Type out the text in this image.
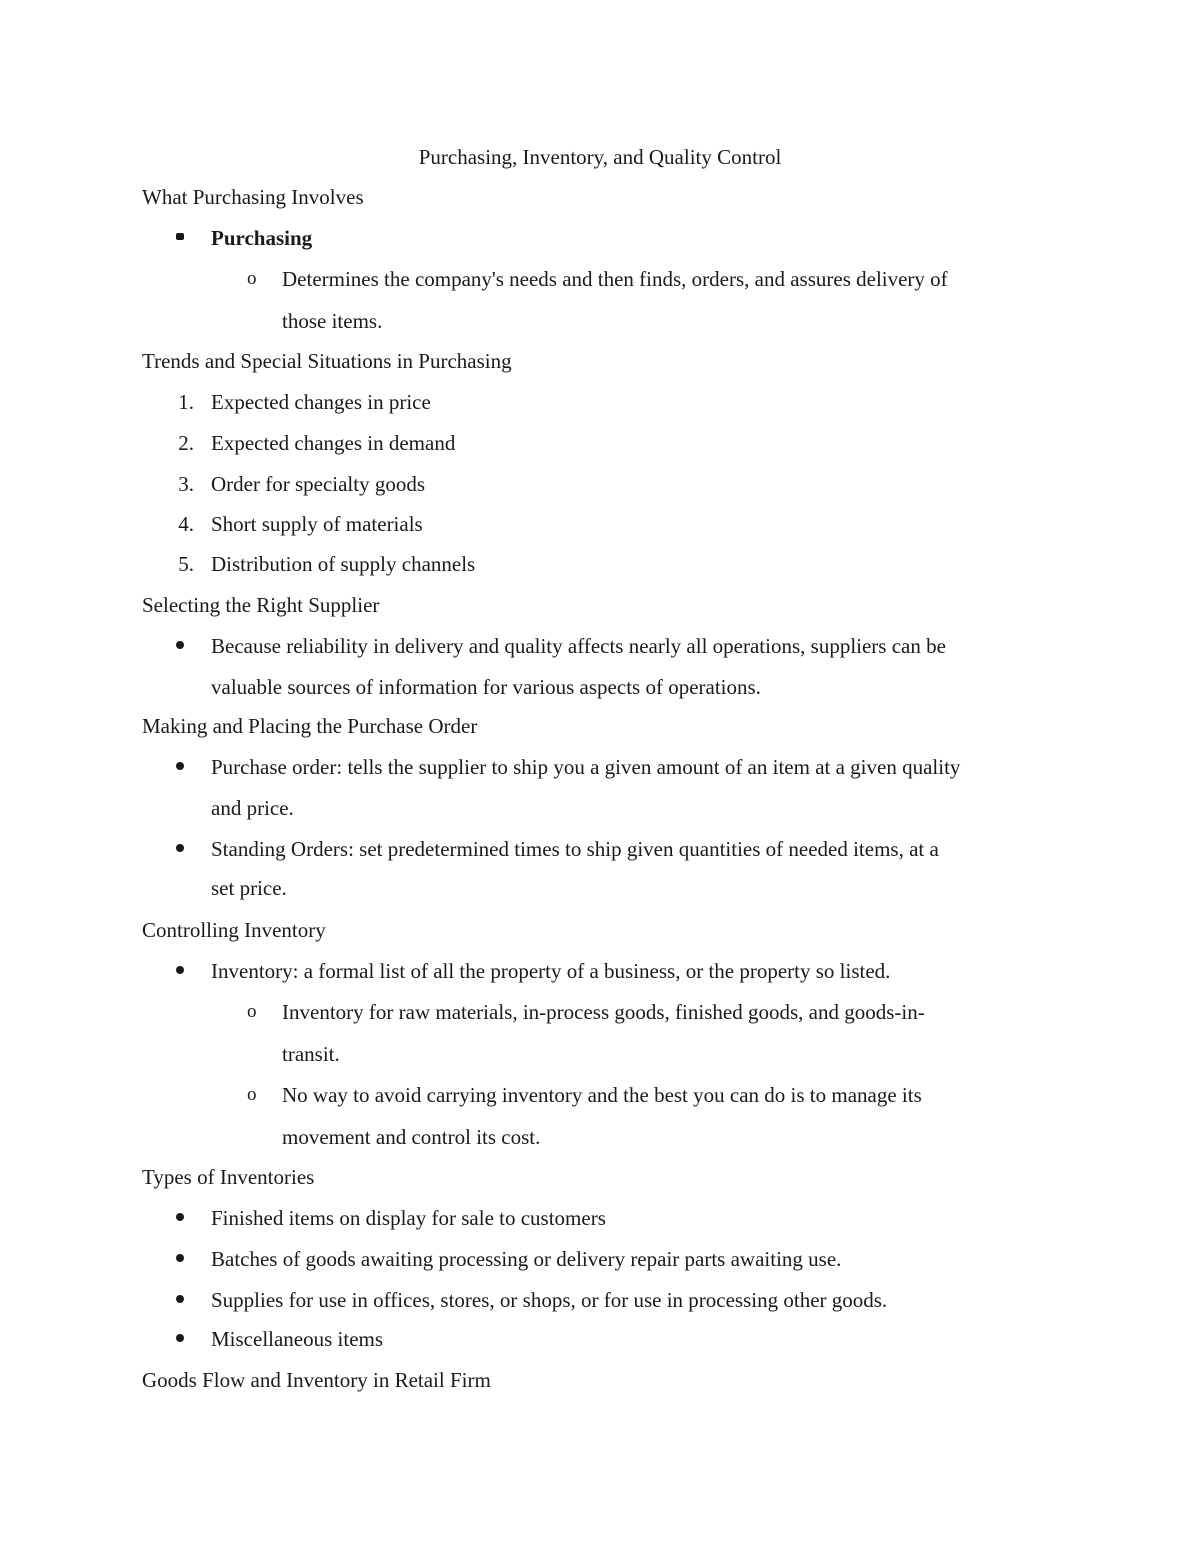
Purchasing, Inventory, and Quality Control
What Purchasing Involves
Purchasing
o Determines the company's needs and then finds, orders, and assures delivery of
those items.
Trends and Special Situations in Purchasing
1. Expected changes in price
2. Expected changes in demand
3. Order for specialty goods
4. Short supply of materials
5. Distribution of supply channels
Selecting the Right Supplier
Because reliability in delivery and quality affects nearly all operations, suppliers can be
valuable sources of information for various aspects of operations.
Making and Placing the Purchase Order
Purchase order: tells the supplier to ship you a given amount of an item at a given quality
and price.
Standing Orders: set predetermined times to ship given quantities of needed items, at a
set price.
Controlling Inventory
Inventory: a formal list of all the property of a business, or the property so listed.
o Inventory for raw materials, in-process goods, finished goods, and goods-in-
transit.
o No way to avoid carrying inventory and the best you can do is to manage its
movement and control its cost.
Types of Inventories
Finished items on display for sale to customers
Batches of goods awaiting processing or delivery repair parts awaiting use.
Supplies for use in offices, stores, or shops, or for use in processing other goods.
Miscellaneous items
Goods Flow and Inventory in Retail Firm
